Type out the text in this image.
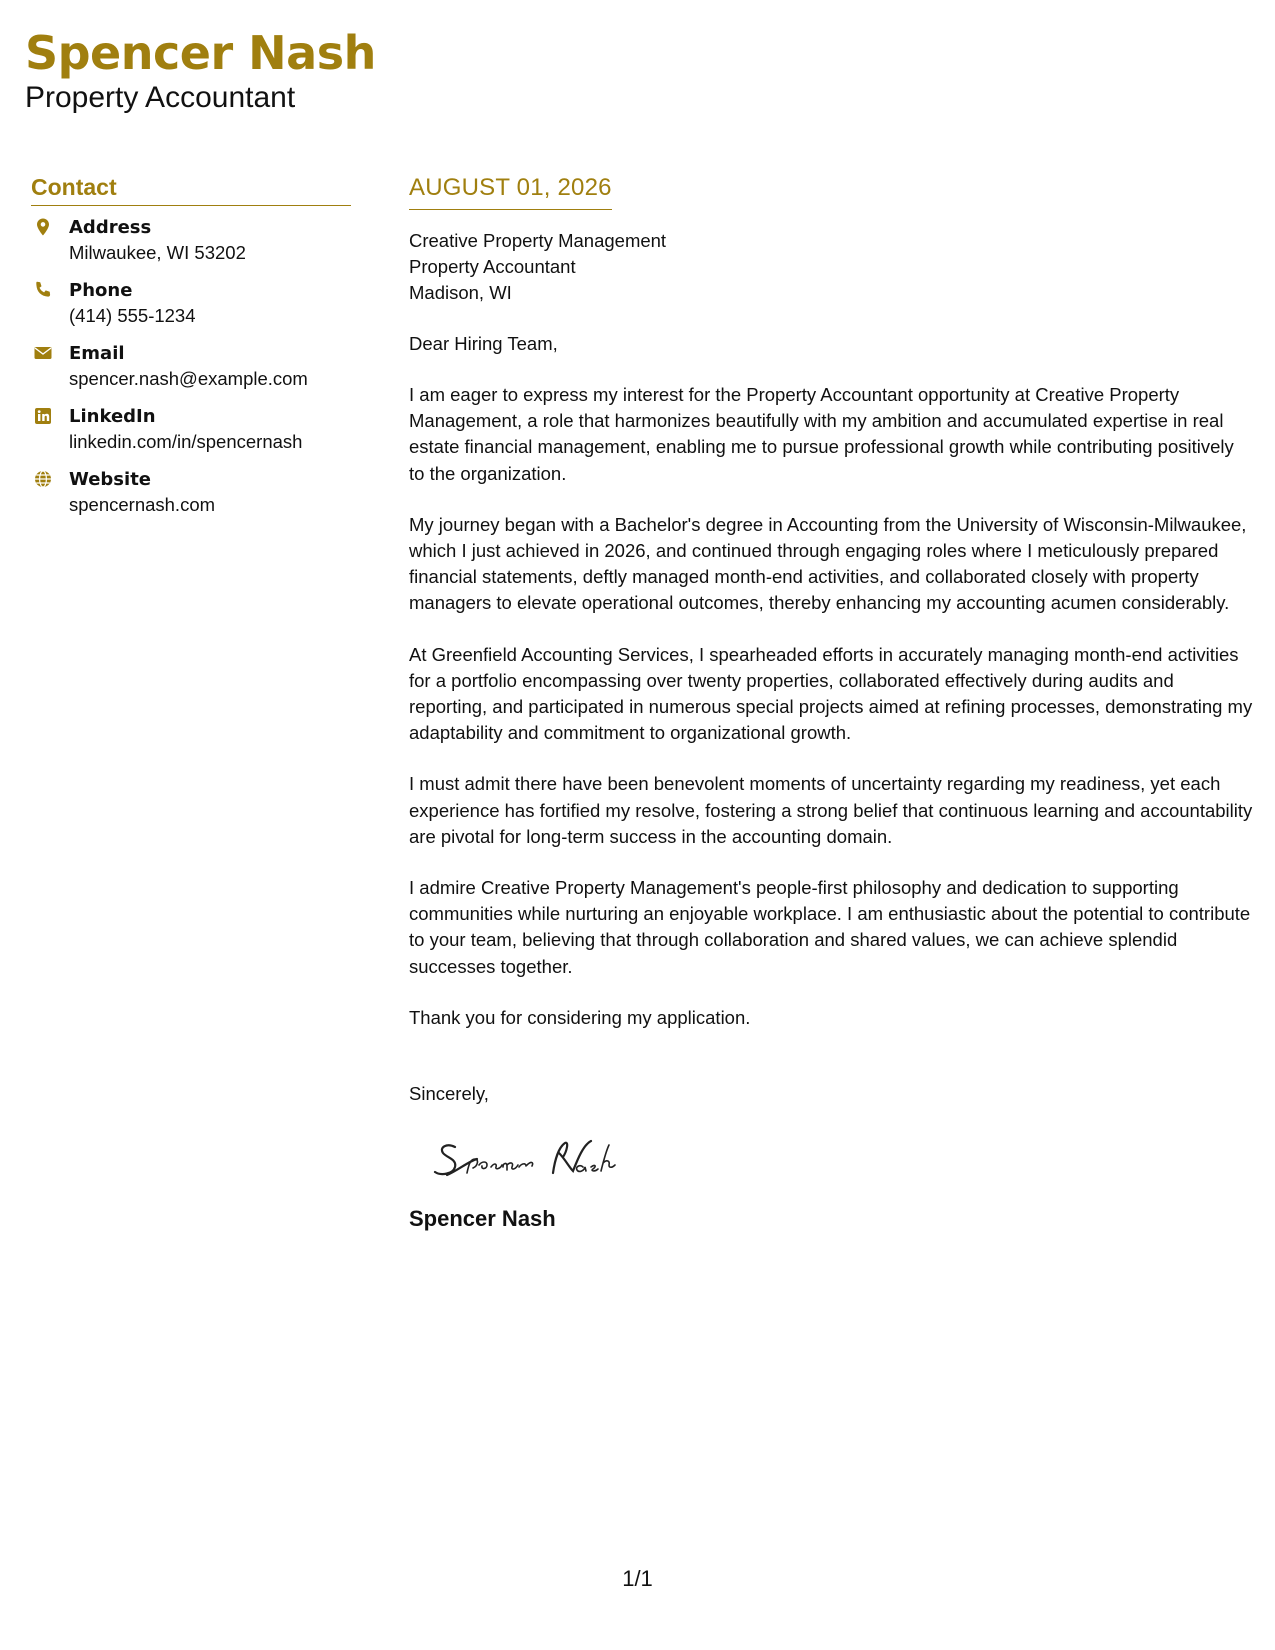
Spencer Nash
Property Accountant
Contact
Address
Milwaukee, WI 53202
Phone
(414) 555-1234
Email
spencer.nash@example.com
LinkedIn
linkedin.com/in/spencernash
Website
spencernash.com
AUGUST 01, 2026
Creative Property Management
Property Accountant
Madison, WI
Dear Hiring Team,
I am eager to express my interest for the Property Accountant opportunity at Creative Property Management, a role that harmonizes beautifully with my ambition and accumulated expertise in real estate financial management, enabling me to pursue professional growth while contributing positively to the organization.
My journey began with a Bachelor's degree in Accounting from the University of Wisconsin-Milwaukee, which I just achieved in 2026, and continued through engaging roles where I meticulously prepared financial statements, deftly managed month-end activities, and collaborated closely with property managers to elevate operational outcomes, thereby enhancing my accounting acumen considerably.
At Greenfield Accounting Services, I spearheaded efforts in accurately managing month-end activities for a portfolio encompassing over twenty properties, collaborated effectively during audits and reporting, and participated in numerous special projects aimed at refining processes, demonstrating my adaptability and commitment to organizational growth.
I must admit there have been benevolent moments of uncertainty regarding my readiness, yet each experience has fortified my resolve, fostering a strong belief that continuous learning and accountability are pivotal for long-term success in the accounting domain.
I admire Creative Property Management's people-first philosophy and dedication to supporting communities while nurturing an enjoyable workplace. I am enthusiastic about the potential to contribute to your team, believing that through collaboration and shared values, we can achieve splendid successes together.
Thank you for considering my application.
Sincerely,
Spencer Nash
1/1
